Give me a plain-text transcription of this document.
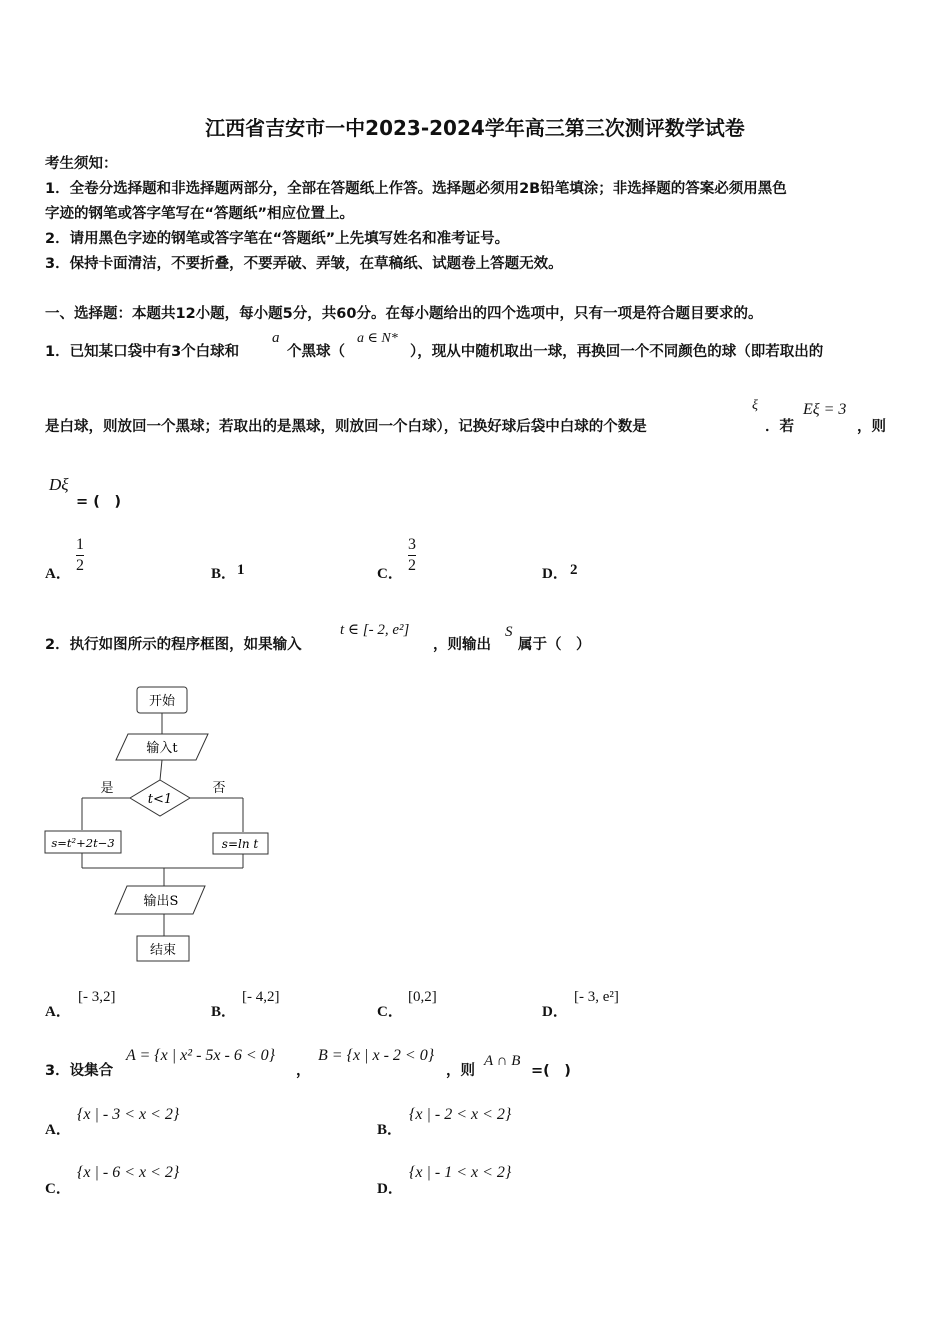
江西省吉安市一中2023-2024学年高三第三次测评数学试卷
考生须知：
1．全卷分选择题和非选择题两部分，全部在答题纸上作答。选择题必须用2B铅笔填涂；非选择题的答案必须用黑色
字迹的钢笔或答字笔写在“答题纸”相应位置上。
2．请用黑色字迹的钢笔或答字笔在“答题纸”上先填写姓名和准考证号。
3．保持卡面清洁，不要折叠，不要弄破、弄皱，在草稿纸、试题卷上答题无效。
一、选择题：本题共12小题，每小题5分，共60分。在每小题给出的四个选项中，只有一项是符合题目要求的。
1．已知某口袋中有3个白球和
a
个黑球（
a ∈ N*
），现从中随机取出一球，再换回一个不同颜色的球（即若取出的
是白球，则放回一个黑球；若取出的是黑球，则放回一个白球），记换好球后袋中白球的个数是
ξ
．若
Eξ = 3
，则
Dξ
= (　)
A． $\frac{1}{2}$	B． 1	C． $\frac{3}{2}$	D． 2
2．执行如图所示的程序框图，如果输入
t ∈ [- 2, e²]
，则输出
S
属于（　）
开始
输入t
t<1
是	否
s=t²+2t−3	s=ln t
输出S
结束
A．
[- 3,2]
B．
[- 4,2]
C．
[0,2]
D．
[- 3, e²]
3．设集合
A = {x | x² - 5x - 6 < 0}
，
B = {x | x - 2 < 0}
，则
A ∩ B
=(　)
A．
{x | - 3 < x < 2}
B．
{x | - 2 < x < 2}
C．
{x | - 6 < x < 2}
D．
{x | - 1 < x < 2}
